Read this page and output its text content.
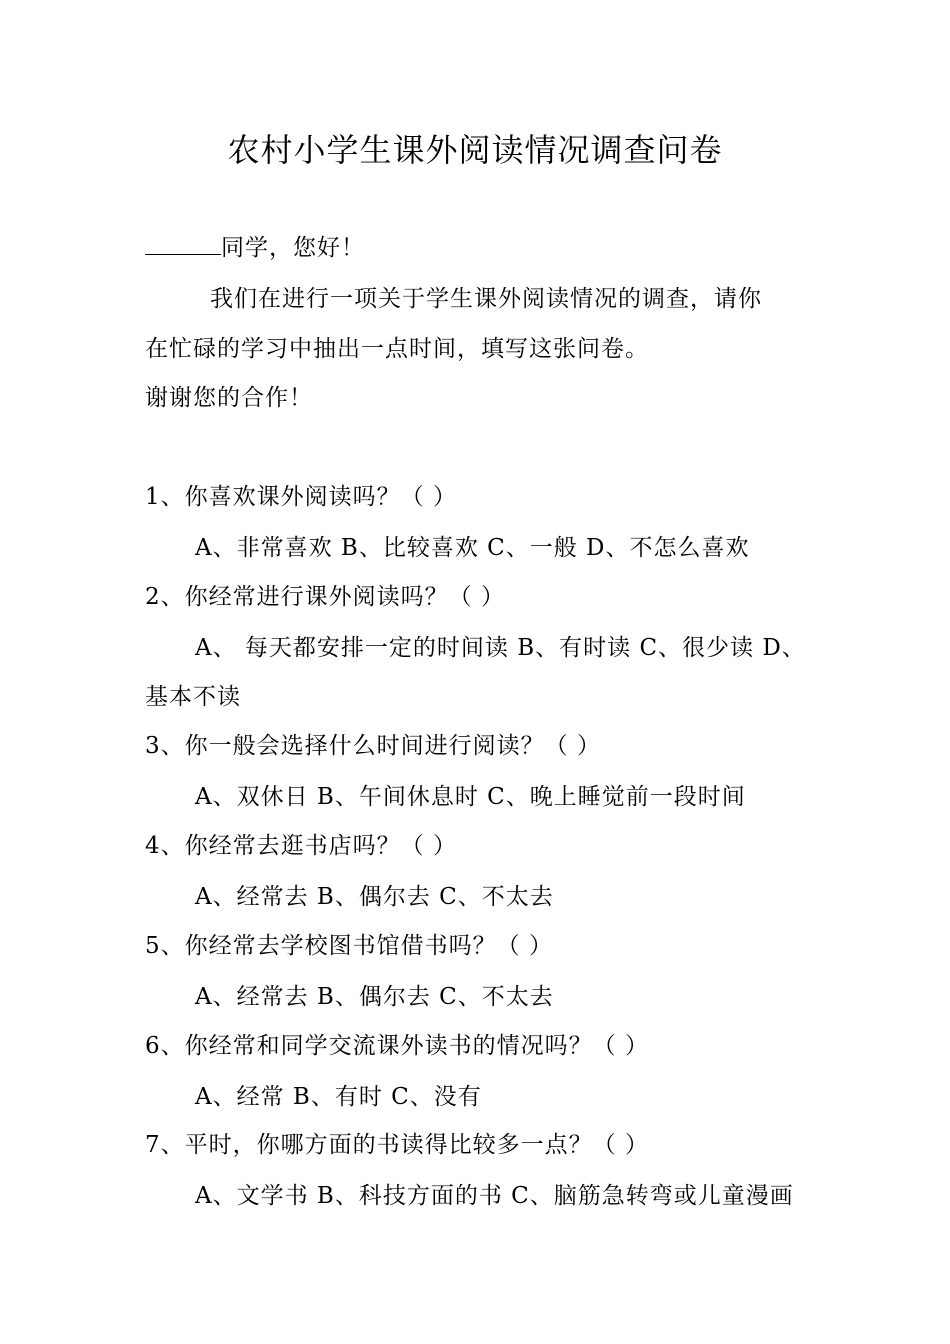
农村小学生课外阅读情况调查问卷
同学，您好！
我们在进行一项关于学生课外阅读情况的调查，请你
在忙碌的学习中抽出一点时间，填写这张问卷。
谢谢您的合作！
1、你喜欢课外阅读吗？（ ）
A、非常喜欢 B、比较喜欢 C、一般 D、不怎么喜欢
2、你经常进行课外阅读吗？（ ）
A、 每天都安排一定的时间读 B、有时读 C、很少读 D、
基本不读
3、你一般会选择什么时间进行阅读？（ ）
A、双休日 B、午间休息时 C、晚上睡觉前一段时间
4、你经常去逛书店吗？（ ）
A、经常去 B、偶尔去 C、不太去
5、你经常去学校图书馆借书吗？（ ）
A、经常去 B、偶尔去 C、不太去
6、你经常和同学交流课外读书的情况吗？（ ）
A、经常 B、有时 C、没有
7、平时，你哪方面的书读得比较多一点？（ ）
A、文学书 B、科技方面的书 C、脑筋急转弯或儿童漫画
